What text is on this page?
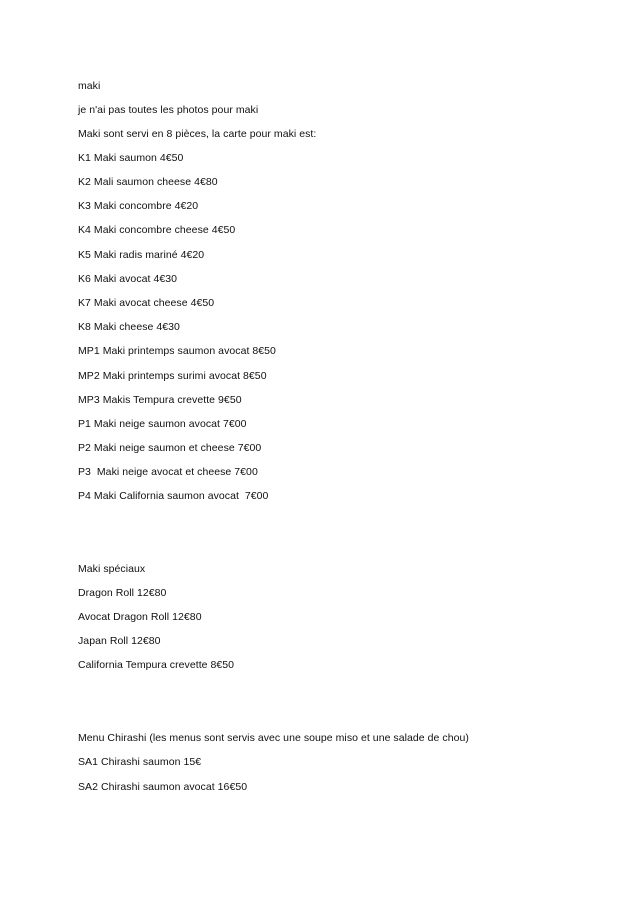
maki
je n'ai pas toutes les photos pour maki
Maki sont servi en 8 pièces, la carte pour maki est:
K1 Maki saumon 4€50
K2 Mali saumon cheese 4€80
K3 Maki concombre 4€20
K4 Maki concombre cheese 4€50
K5 Maki radis mariné 4€20
K6 Maki avocat 4€30
K7 Maki avocat cheese 4€50
K8 Maki cheese 4€30
MP1 Maki printemps saumon avocat 8€50
MP2 Maki printemps surimi avocat 8€50
MP3 Makis Tempura crevette 9€50
P1 Maki neige saumon avocat 7€00
P2 Maki neige saumon et cheese 7€00
P3  Maki neige avocat et cheese 7€00
P4 Maki California saumon avocat  7€00
Maki spéciaux
Dragon Roll 12€80
Avocat Dragon Roll 12€80
Japan Roll 12€80
California Tempura crevette 8€50
Menu Chirashi (les menus sont servis avec une soupe miso et une salade de chou)
SA1 Chirashi saumon 15€
SA2 Chirashi saumon avocat 16€50
